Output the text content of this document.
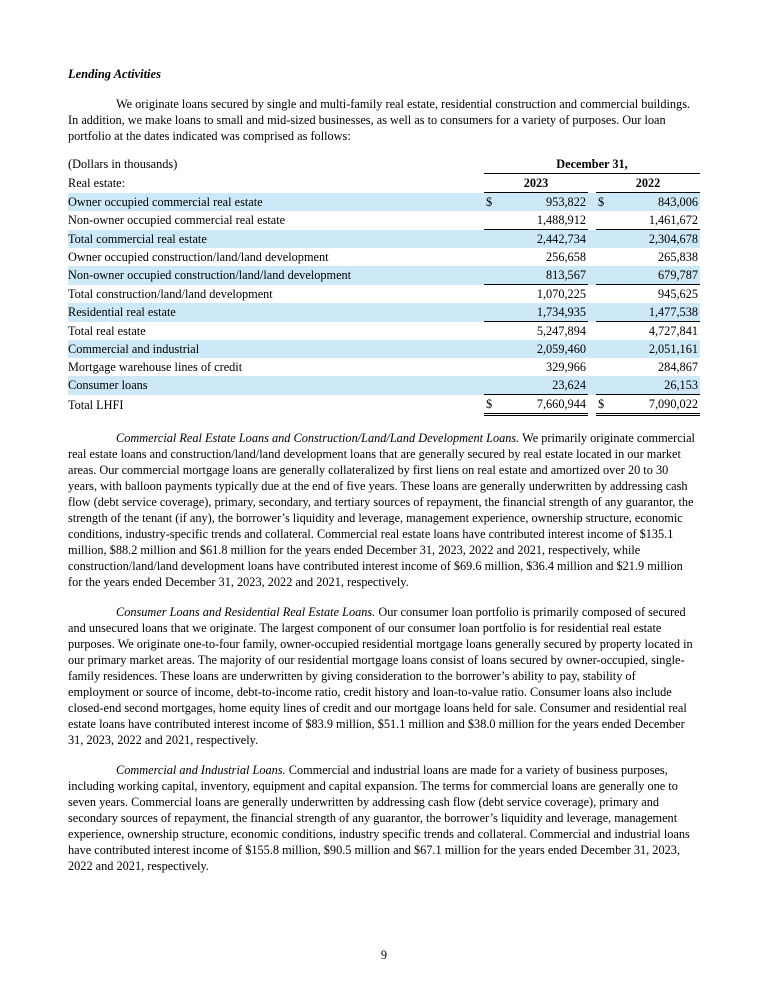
Lending Activities

We originate loans secured by single and multi-family real estate, residential construction and commercial buildings. In addition, we make loans to small and mid-sized businesses, as well as to consumers for a variety of purposes. Our loan portfolio at the dates indicated was comprised as follows:

(Dollars in thousands)	December 31,				
Real estate:	2023			2022	
Owner occupied commercial real estate	$	953,822		$	843,006
Non-owner occupied commercial real estate		1,488,912			1,461,672
Total commercial real estate		2,442,734			2,304,678
Owner occupied construction/land/land development		256,658			265,838
Non-owner occupied construction/land/land development		813,567			679,787
Total construction/land/land development		1,070,225			945,625
Residential real estate		1,734,935			1,477,538
Total real estate		5,247,894			4,727,841
Commercial and industrial		2,059,460			2,051,161
Mortgage warehouse lines of credit		329,966			284,867
Consumer loans		23,624			26,153
Total LHFI	$	7,660,944		$	7,090,022

Commercial Real Estate Loans and Construction/Land/Land Development Loans. We primarily originate commercial real estate loans and construction/land/land development loans that are generally secured by real estate located in our market areas. Our commercial mortgage loans are generally collateralized by first liens on real estate and amortized over 20 to 30 years, with balloon payments typically due at the end of five years. These loans are generally underwritten by addressing cash flow (debt service coverage), primary, secondary, and tertiary sources of repayment, the financial strength of any guarantor, the strength of the tenant (if any), the borrower’s liquidity and leverage, management experience, ownership structure, economic conditions, industry-specific trends and collateral. Commercial real estate loans have contributed interest income of $135.1 million, $88.2 million and $61.8 million for the years ended December 31, 2023, 2022 and 2021, respectively, while construction/land/land development loans have contributed interest income of $69.6 million, $36.4 million and $21.9 million for the years ended December 31, 2023, 2022 and 2021, respectively.

Consumer Loans and Residential Real Estate Loans. Our consumer loan portfolio is primarily composed of secured and unsecured loans that we originate. The largest component of our consumer loan portfolio is for residential real estate purposes. We originate one-to-four family, owner-occupied residential mortgage loans generally secured by property located in our primary market areas. The majority of our residential mortgage loans consist of loans secured by owner-occupied, single-family residences. These loans are underwritten by giving consideration to the borrower’s ability to pay, stability of employment or source of income, debt-to-income ratio, credit history and loan-to-value ratio. Consumer loans also include closed-end second mortgages, home equity lines of credit and our mortgage loans held for sale. Consumer and residential real estate loans have contributed interest income of $83.9 million, $51.1 million and $38.0 million for the years ended December 31, 2023, 2022 and 2021, respectively.

Commercial and Industrial Loans. Commercial and industrial loans are made for a variety of business purposes, including working capital, inventory, equipment and capital expansion. The terms for commercial loans are generally one to seven years. Commercial loans are generally underwritten by addressing cash flow (debt service coverage), primary and secondary sources of repayment, the financial strength of any guarantor, the borrower’s liquidity and leverage, management experience, ownership structure, economic conditions, industry specific trends and collateral. Commercial and industrial loans have contributed interest income of $155.8 million, $90.5 million and $67.1 million for the years ended December 31, 2023, 2022 and 2021, respectively.

9
